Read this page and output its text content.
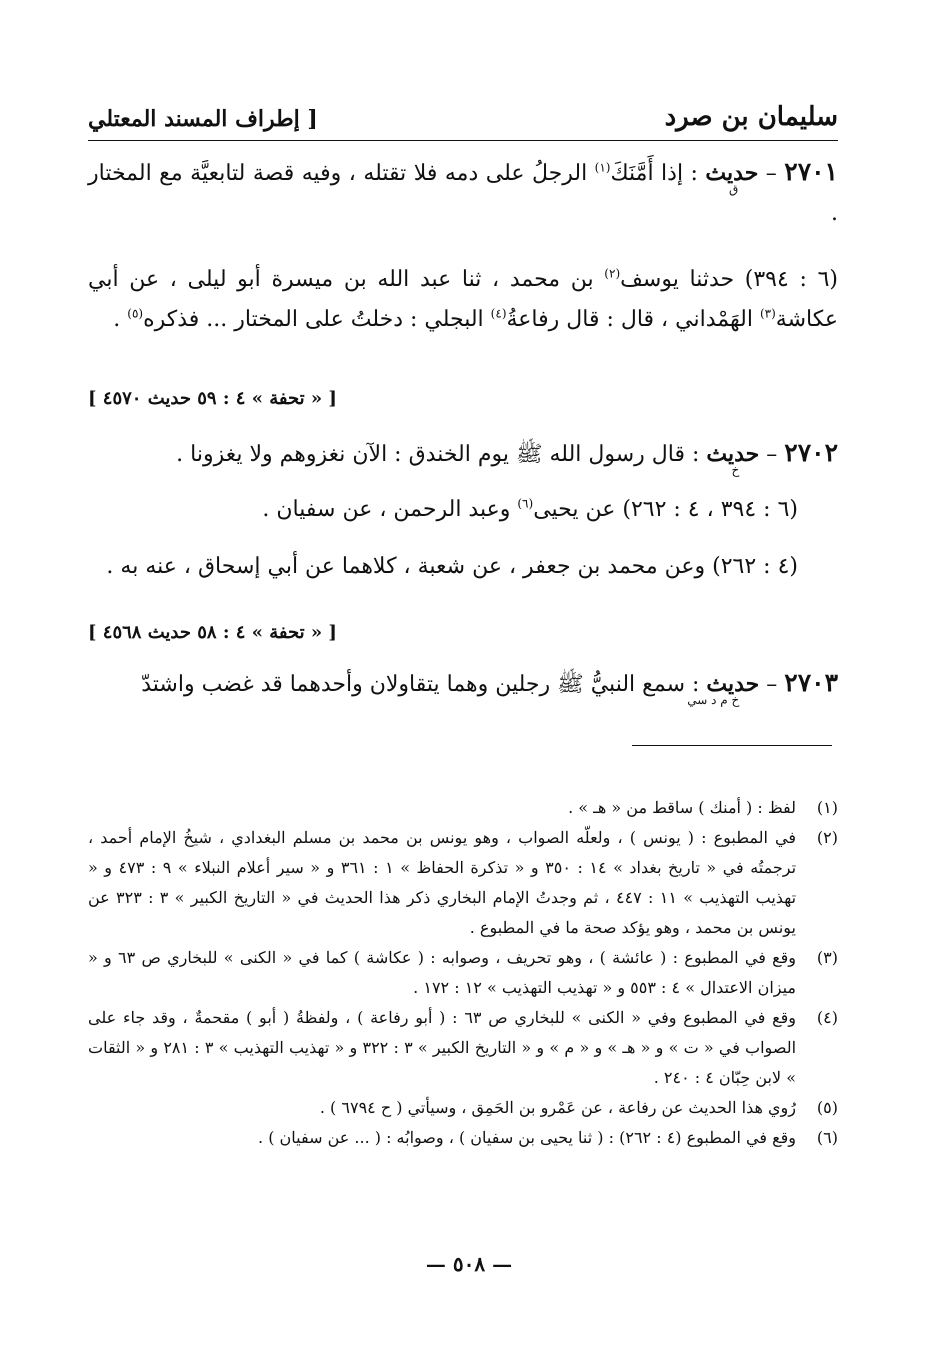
سليمان بن صرد
[ إطراف المسند المعتلي
٢٧٠١ – حديث
ق
: إذا أَمَّنَكَ$^{(١)}$ الرجلُ على دمه فلا تقتله ، وفيه قصة لتابعيَّة مع المختار .
(٦ : ٣٩٤) حدثنا يوسف$^{(٢)}$ بن محمد ، ثنا عبد الله بن ميسرة أبو ليلى ، عن أبي عكاشة$^{(٣)}$ الهَمْداني ، قال : قال رفاعةُ$^{(٤)}$ البجلي : دخلتُ على المختار ... فذكره$^{(٥)}$ .
[ « تحفة » ٤ : ٥٩ حديث ٤٥٧٠ ]
٢٧٠٢ – حديث
خ
: قال رسول الله ﷺ يوم الخندق : الآن نغزوهم ولا يغزونا .
(٦ : ٣٩٤ ، ٤ : ٢٦٢) عن يحيى$^{(٦)}$ وعبد الرحمن ، عن سفيان .
(٤ : ٢٦٢) وعن محمد بن جعفر ، عن شعبة ، كلاهما عن أبي إسحاق ، عنه به .
[ « تحفة » ٤ : ٥٨ حديث ٤٥٦٨ ]
٢٧٠٣ – حديث
خ م د سي
: سمع النبيُّ ﷺ رجلين وهما يتقاولان وأحدهما قد غضب واشتدّ
(١)
لفظ : ( أمنك ) ساقط من « هـ » .
(٢)
في المطبوع : ( يونس ) ، ولعلّه الصواب ، وهو يونس بن محمد بن مسلم البغدادي ، شيخُ الإمام أحمد ، ترجمتُه في « تاريخ بغداد » ١٤ : ٣٥٠ و « تذكرة الحفاظ » ١ : ٣٦١ و « سير أعلام النبلاء » ٩ : ٤٧٣ و « تهذيب التهذيب » ١١ : ٤٤٧ ، ثم وجدتُ الإمام البخاري ذكر هذا الحديث في « التاريخ الكبير » ٣ : ٣٢٣ عن يونس بن محمد ، وهو يؤكد صحة ما في المطبوع .
(٣)
وقع في المطبوع : ( عائشة ) ، وهو تحريف ، وصوابه : ( عكاشة ) كما في « الكنى » للبخاري ص ٦٣ و « ميزان الاعتدال » ٤ : ٥٥٣ و « تهذيب التهذيب » ١٢ : ١٧٢ .
(٤)
وقع في المطبوع وفي « الكنى » للبخاري ص ٦٣ : ( أبو رفاعة ) ، ولفظةُ ( أبو ) مقحمةٌ ، وقد جاء على الصواب في « ت » و « هـ » و « م » و « التاريخ الكبير » ٣ : ٣٢٢ و « تهذيب التهذيب » ٣ : ٢٨١ و « الثقات » لابن حِبّان ٤ : ٢٤٠ .
(٥)
رُوي هذا الحديث عن رفاعة ، عن عَمْرو بن الحَمِق ، وسيأتي ( ح ٦٧٩٤ ) .
(٦)
وقع في المطبوع (٤ : ٢٦٢) : ( ثنا يحيى بن سفيان ) ، وصوابُه : ( ... عن سفيان ) .
— ٥٠٨ —
